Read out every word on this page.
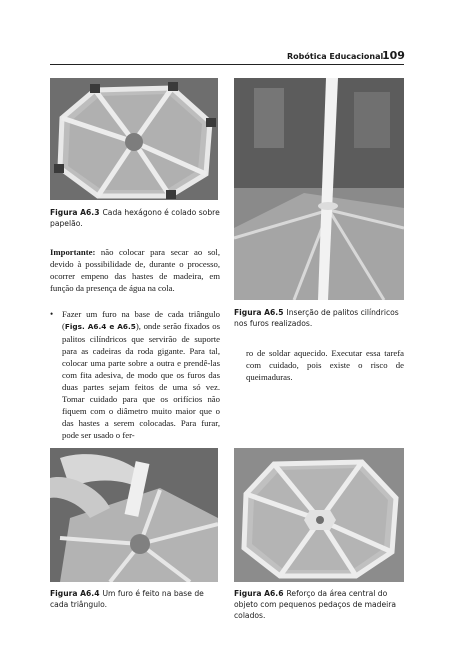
Robótica Educacional
109
Figura A6.3 Cada hexágono é colado sobre papelão.
Figura A6.5 Inserção de palitos cilíndricos nos furos realizados.
Importante: não colocar para secar ao sol, devido à possibilidade de, durante o processo, ocorrer empeno das hastes de madeira, em função da presença de água na cola.
• Fazer um furo na base de cada triângulo (Figs. A6.4 e A6.5), onde serão fixados os palitos cilíndricos que servirão de suporte para as cadeiras da roda gigante. Para tal, colocar uma parte sobre a outra e prendê-las com fita adesiva, de modo que os furos das duas partes sejam feitos de uma só vez. Tomar cuidado para que os orifícios não fiquem com o diâmetro muito maior que o das hastes a serem colocadas. Para furar, pode ser usado o fer-
ro de soldar aquecido. Executar essa tarefa com cuidado, pois existe o risco de queimaduras.
Figura A6.4 Um furo é feito na base de cada triângulo.
Figura A6.6 Reforço da área central do objeto com pequenos pedaços de madeira colados.
